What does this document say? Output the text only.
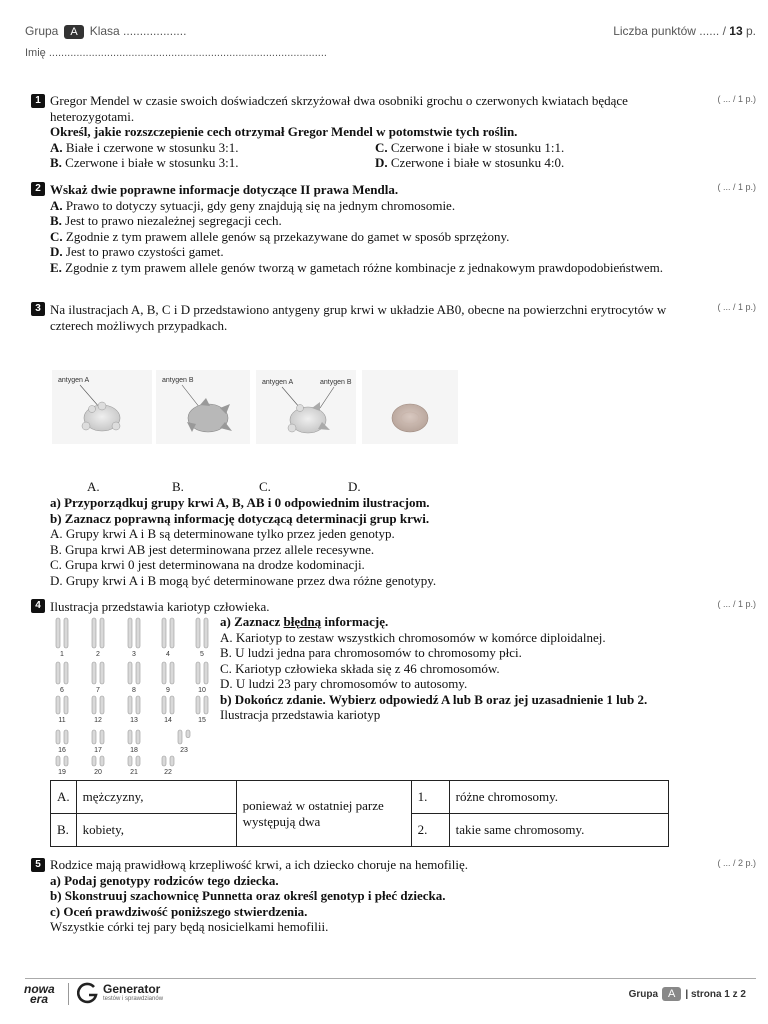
Grupa A Klasa ...................	Liczba punktów ...... / 13 p.
Imię ...........................................................................................
1	( ... / 1 p.)

Gregor Mendel w czasie swoich doświadczeń skrzyżował dwa osobniki grochu o czerwonych kwiatach będące heterozygotami.

Określ, jakie rozszczepienie cech otrzymał Gregor Mendel w potomstwie tych roślin.

A. Białe i czerwone w stosunku 3:1.	C. Czerwone i białe w stosunku 1:1.
B. Czerwone i białe w stosunku 3:1.	D. Czerwone i białe w stosunku 4:0.
2	( ... / 1 p.)

Wskaż dwie poprawne informacje dotyczące II prawa Mendla.

A. Prawo to dotyczy sytuacji, gdy geny znajdują się na jednym chromosomie.

B. Jest to prawo niezależnej segregacji cech.

C. Zgodnie z tym prawem allele genów są przekazywane do gamet w sposób sprzężony.

D. Jest to prawo czystości gamet.

E. Zgodnie z tym prawem allele genów tworzą w gametach różne kombinacje z jednakowym prawdopodobieństwem.

3	( ... / 1 p.)
Na ilustracjach A, B, C i D przedstawiono antygeny grup krwi w układzie AB0, obecne na powierzchni erytrocytów w czterech możliwych przypadkach.
antygen A	antygen B	antygen A	antygen B
A.	B.	C.	D.

a) Przyporządkuj grupy krwi A, B, AB i 0 odpowiednim ilustracjom.

b) Zaznacz poprawną informację dotyczącą determinacji grup krwi.

A. Grupy krwi A i B są determinowane tylko przez jeden genotyp.

B. Grupa krwi AB jest determinowana przez allele recesywne.

C. Grupa krwi 0 jest determinowana na drodze kodominacji.

D. Grupy krwi A i B mogą być determinowane przez dwa różne genotypy.

4	( ... / 1 p.)
Ilustracja przedstawia kariotyp człowieka.
1	2	3	4	5
6	7	8	9	10
11	12	13	14	15
16	17	18	23
19	20	21	22

a) Zaznacz błędną informację.

A. Kariotyp to zestaw wszystkich chromosomów w komórce diploidalnej.

B. U ludzi jedna para chromosomów to chromosomy płci.

C. Kariotyp człowieka składa się z 46 chromosomów.

D. U ludzi 23 pary chromosomów to autosomy.

b) Dokończ zdanie. Wybierz odpowiedź A lub B oraz jej uzasadnienie 1 lub 2.

Ilustracja przedstawia kariotyp

A.	mężczyzny,	ponieważ w ostatniej parze występują dwa	1.	różne chromosomy.
B.	kobiety,		2.	takie same chromosomy.
5	( ... / 2 p.)

Rodzice mają prawidłową krzepliwość krwi, a ich dziecko choruje na hemofilię.

a) Podaj genotypy rodziców tego dziecka.

b) Skonstruuj szachownicę Punnetta oraz określ genotyp i płeć dziecka.

c) Oceń prawdziwość poniższego stwierdzenia.

Wszystkie córki tej pary będą nosicielkami hemofilii.

nowa
era
Generator
testów i sprawdzianów	Grupa A | strona 1 z 2
